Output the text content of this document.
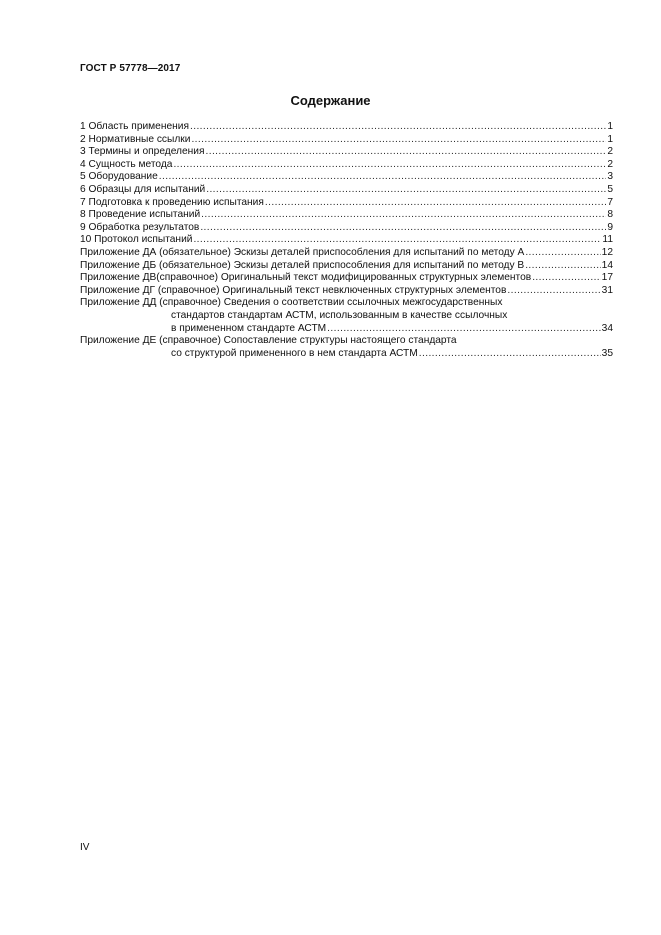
ГОСТ Р 57778—2017
Содержание
1 Область применения .....	1
2 Нормативные ссылки .....	1
3 Термины и определения .....	2
4 Сущность метода .....	2
5 Оборудование .....	3
6 Образцы для испытаний .....	5
7 Подготовка к проведению испытания .....	7
8 Проведение испытаний .....	8
9 Обработка результатов .....	9
10 Протокол испытаний .....	11
Приложение ДА (обязательное) Эскизы деталей приспособления для испытаний по методу А .....	12
Приложение ДБ (обязательное) Эскизы деталей приспособления для испытаний по методу В .....	14
Приложение ДВ(справочное) Оригинальный текст модифицированных структурных элементов .....	17
Приложение ДГ (справочное) Оригинальный текст невключенных структурных элементов .....	31
Приложение ДД (справочное) Сведения о соответствии ссылочных межгосударственных
стандартов стандартам АСТМ, использованным в качестве ссылочных
в примененном стандарте АСТМ .....	34
Приложение ДЕ (справочное) Сопоставление структуры настоящего стандарта
со структурой примененного в нем стандарта АСТМ .....	35
IV
